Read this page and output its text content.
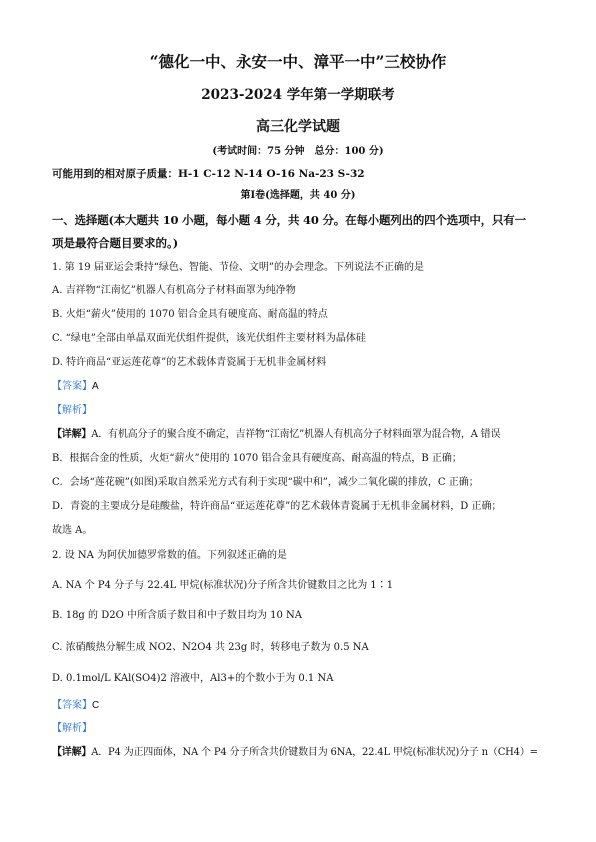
“德化一中、永安一中、漳平一中”三校协作
2023-2024 学年第一学期联考
高三化学试题
(考试时间：75 分钟　总分：100 分)
可能用到的相对原子质量：H-1 C-12 N-14 O-16 Na-23 S-32
第Ⅰ卷(选择题，共 40 分)
一、选择题(本大题共 10 小题，每小题 4 分，共 40 分。在每小题列出的四个选项中，只有一
项是最符合题目要求的。)
1. 第 19 届亚运会秉持“绿色、智能、节俭、文明”的办会理念。下列说法不正确的是
A. 吉祥物“江南忆”机器人有机高分子材料面罩为纯净物
B. 火炬“薪火”使用的 1070 铝合金具有硬度高、耐高温的特点
C. “绿电”全部由单晶双面光伏组件提供，该光伏组件主要材料为晶体硅
D. 特许商品“亚运莲花尊”的艺术载体青瓷属于无机非金属材料
【答案】A
【解析】
【详解】A．有机高分子的聚合度不确定，吉祥物“江南忆”机器人有机高分子材料面罩为混合物，A 错误
B．根据合金的性质，火炬“薪火”使用的 1070 铝合金具有硬度高、耐高温的特点，B 正确；
C．会场“莲花碗”(如图)采取自然采光方式有利于实现“碳中和”，减少二氧化碳的排放，C 正确；
D．青瓷的主要成分是硅酸盐，特许商品“亚运莲花尊”的艺术载体青瓷属于无机非金属材料，D 正确；
故选 A。
2. 设 NA 为阿伏加德罗常数的值。下列叙述正确的是
A. NA 个 P4 分子与 22.4L 甲烷(标准状况)分子所含共价键数目之比为 1∶1
B. 18g 的 D2O 中所含质子数目和中子数目均为 10 NA
C. 浓硝酸热分解生成 NO2、N2O4 共 23g 时，转移电子数为 0.5 NA
D. 0.1mol/L KAl(SO4)2 溶液中，Al3+的个数小于为 0.1 NA
【答案】C
【解析】
【详解】A．P4 为正四面体，NA 个 P4 分子所含共价键数目为 6NA，22.4L 甲烷(标准状况)分子 n（CH4）=
